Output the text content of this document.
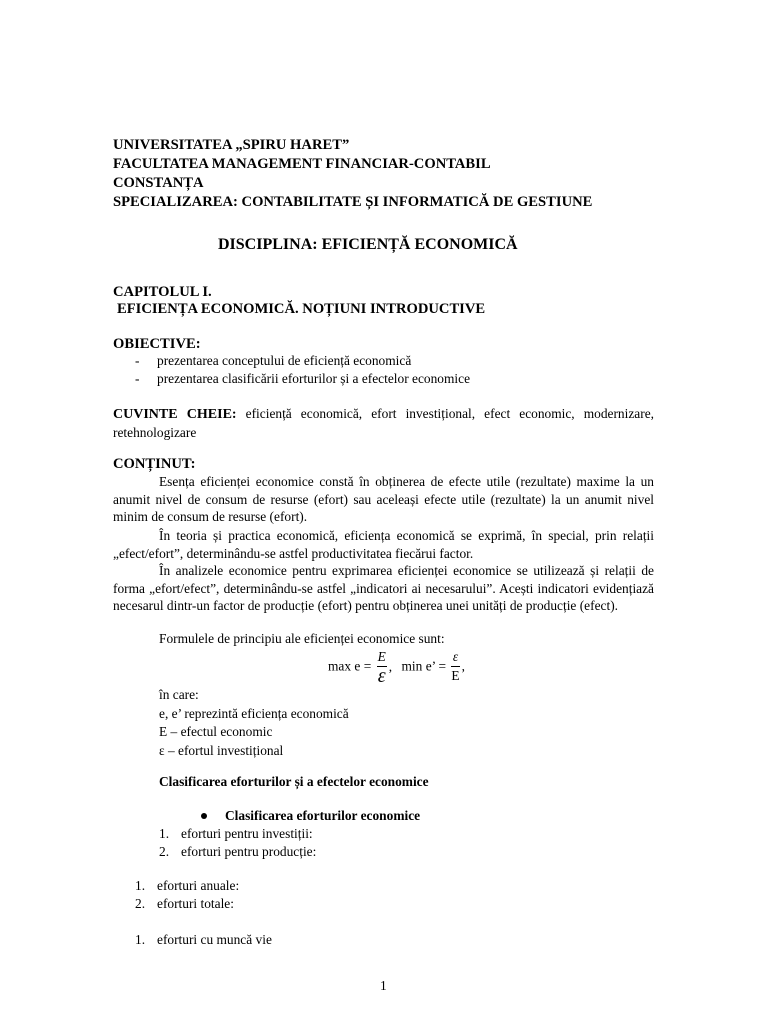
UNIVERSITATEA „SPIRU HARET”
FACULTATEA MANAGEMENT FINANCIAR-CONTABIL
CONSTANȚA
SPECIALIZAREA: CONTABILITATE ȘI INFORMATICĂ DE GESTIUNE
DISCIPLINA: EFICIENȚĂ ECONOMICĂ
CAPITOLUL I.
EFICIENȚA ECONOMICĂ. NOȚIUNI INTRODUCTIVE
OBIECTIVE:
- prezentarea conceptului de eficiență economică
- prezentarea clasificării eforturilor și a efectelor economice
CUVINTE CHEIE: eficiență economică, efort investițional, efect economic, modernizare, retehnologizare
CONȚINUT:
Esența eficienței economice constă în obținerea de efecte utile (rezultate) maxime la un anumit nivel de consum de resurse (efort) sau aceleași efecte utile (rezultate) la un anumit nivel minim de consum de resurse (efort).
În teoria și practica economică, eficiența economică se exprimă, în special, prin relații „efect/efort”, determinându-se astfel productivitatea fiecărui factor.
În analizele economice pentru exprimarea eficienței economice se utilizează și relații de forma „efort/efect”, determinându-se astfel „indicatori ai necesarului”. Acești indicatori evidențiază necesarul dintr-un factor de producție (efort) pentru obținerea unei unități de producție (efect).
Formulele de principiu ale eficienței economice sunt:
$\max e = \frac{E}{\varepsilon}$ , min e’ = $\frac{\varepsilon}{E}$ ,
în care:
e, e’ reprezintă eficiența economică
E – efectul economic
ε – efortul investițional
Clasificarea eforturilor și a efectelor economice
Clasificarea eforturilor economice
1. eforturi pentru investiții:
2. eforturi pentru producție:
1. eforturi anuale:
2. eforturi totale:
1. eforturi cu muncă vie
1
